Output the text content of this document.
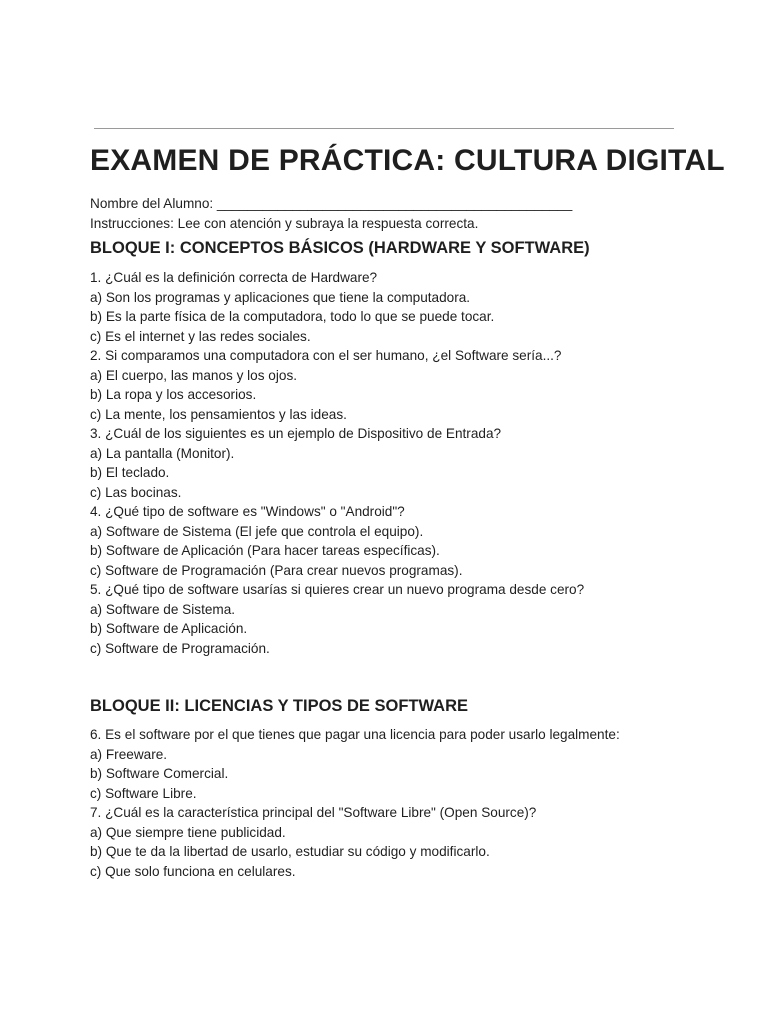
EXAMEN DE PRÁCTICA: CULTURA DIGITAL
Nombre del Alumno: _______________________________________________
Instrucciones: Lee con atención y subraya la respuesta correcta.
BLOQUE I: CONCEPTOS BÁSICOS (HARDWARE Y SOFTWARE)
1. ¿Cuál es la definición correcta de Hardware?
a) Son los programas y aplicaciones que tiene la computadora.
b) Es la parte física de la computadora, todo lo que se puede tocar.
c) Es el internet y las redes sociales.
2. Si comparamos una computadora con el ser humano, ¿el Software sería...?
a) El cuerpo, las manos y los ojos.
b) La ropa y los accesorios.
c) La mente, los pensamientos y las ideas.
3. ¿Cuál de los siguientes es un ejemplo de Dispositivo de Entrada?
a) La pantalla (Monitor).
b) El teclado.
c) Las bocinas.
4. ¿Qué tipo de software es "Windows" o "Android"?
a) Software de Sistema (El jefe que controla el equipo).
b) Software de Aplicación (Para hacer tareas específicas).
c) Software de Programación (Para crear nuevos programas).
5. ¿Qué tipo de software usarías si quieres crear un nuevo programa desde cero?
a) Software de Sistema.
b) Software de Aplicación.
c) Software de Programación.
BLOQUE II: LICENCIAS Y TIPOS DE SOFTWARE
6. Es el software por el que tienes que pagar una licencia para poder usarlo legalmente:
a) Freeware.
b) Software Comercial.
c) Software Libre.
7. ¿Cuál es la característica principal del "Software Libre" (Open Source)?
a) Que siempre tiene publicidad.
b) Que te da la libertad de usarlo, estudiar su código y modificarlo.
c) Que solo funciona en celulares.
